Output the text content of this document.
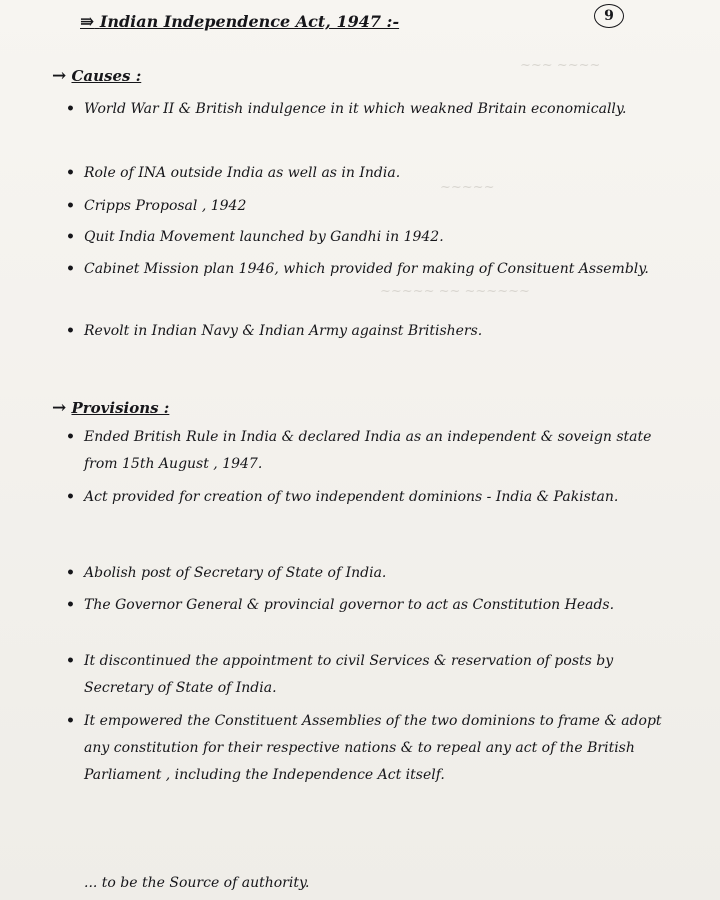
~~~ ~~~~
~~~~~ ~~ ~~~~~~
~~~~~
⇛ Indian Independence Act, 1947 :-	9
→ Causes :
• World War II & British indulgence in it which weakned Britain economically.
• Role of INA outside India as well as in India.
• Cripps Proposal , 1942
• Quit India Movement launched by Gandhi in 1942.
• Cabinet Mission plan 1946, which provided for making of Consituent Assembly.
• Revolt in Indian Navy & Indian Army against Britishers.
→ Provisions :
• Ended British Rule in India & declared India as an independent & soveign state from 15th August , 1947.
• Act provided for creation of two independent dominions - India & Pakistan.
• Abolish post of Secretary of State of India.
• The Governor General & provincial governor to act as Constitution Heads.
• It discontinued the appointment to civil Services & reservation of posts by Secretary of State of India.
• It empowered the Constituent Assemblies of the two dominions to frame & adopt any constitution for their respective nations & to repeal any act of the British Parliament , including the Independence Act itself.
... to be the Source of authority.
